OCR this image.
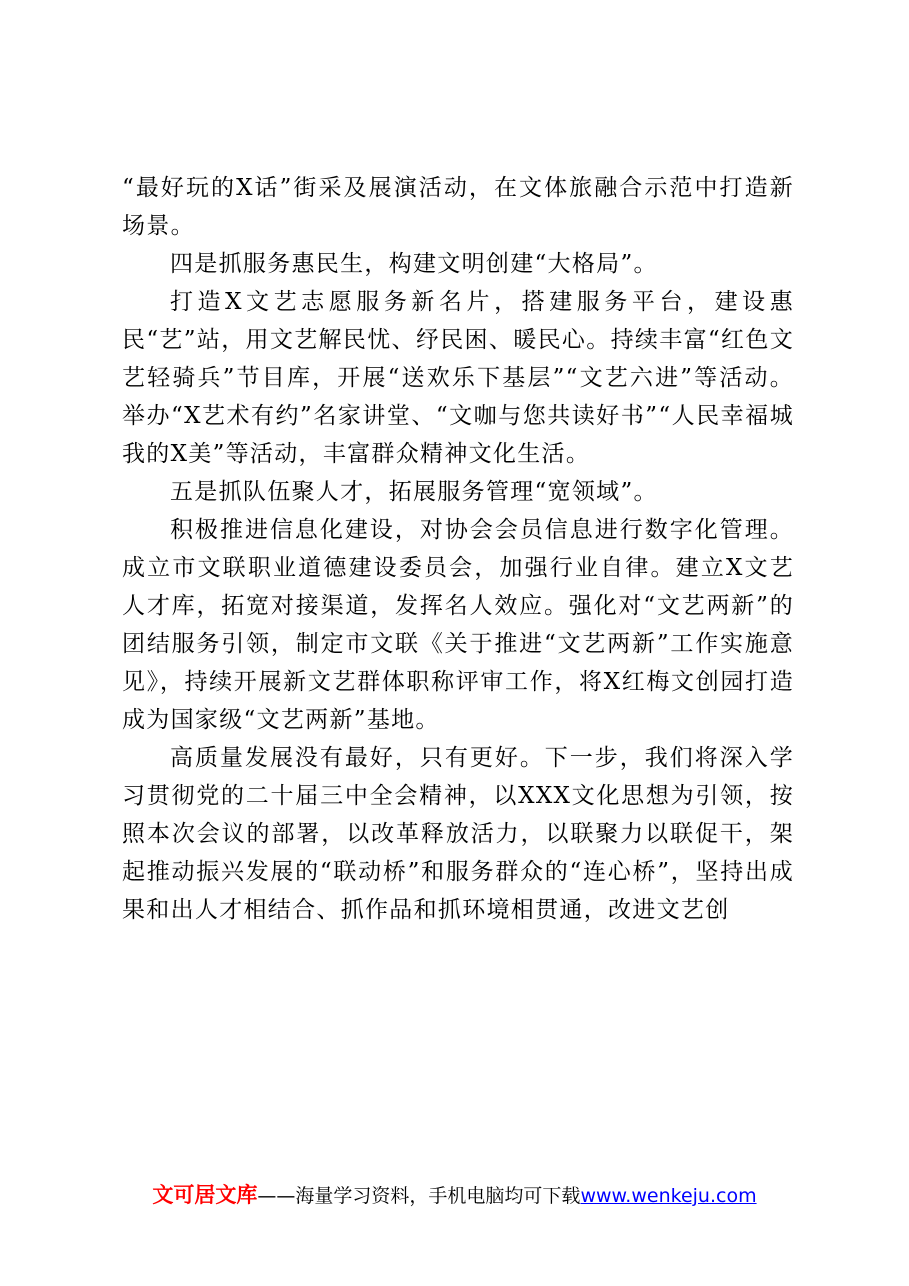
“最好玩的X话”街采及展演活动，在文体旅融合示范中打造新场景。

四是抓服务惠民生，构建文明创建“大格局”。

打造X文艺志愿服务新名片，搭建服务平台，建设惠民“艺”站，用文艺解民忧、纾民困、暖民心。持续丰富“红色文艺轻骑兵”节目库，开展“送欢乐下基层”“文艺六进”等活动。举办“X艺术有约”名家讲堂、“文咖与您共读好书”“人民幸福城我的X美”等活动，丰富群众精神文化生活。

五是抓队伍聚人才，拓展服务管理“宽领域”。

积极推进信息化建设，对协会会员信息进行数字化管理。成立市文联职业道德建设委员会，加强行业自律。建立X文艺人才库，拓宽对接渠道，发挥名人效应。强化对“文艺两新”的团结服务引领，制定市文联《关于推进“文艺两新”工作实施意见》，持续开展新文艺群体职称评审工作，将X红梅文创园打造成为国家级“文艺两新”基地。

高质量发展没有最好，只有更好。下一步，我们将深入学习贯彻党的二十届三中全会精神，以XXX文化思想为引领，按照本次会议的部署，以改革释放活力，以联聚力以联促干，架起推动振兴发展的“联动桥”和服务群众的“连心桥”，坚持出成果和出人才相结合、抓作品和抓环境相贯通，改进文艺创

文可居文库——海量学习资料，手机电脑均可下载www.wenkeju.com
